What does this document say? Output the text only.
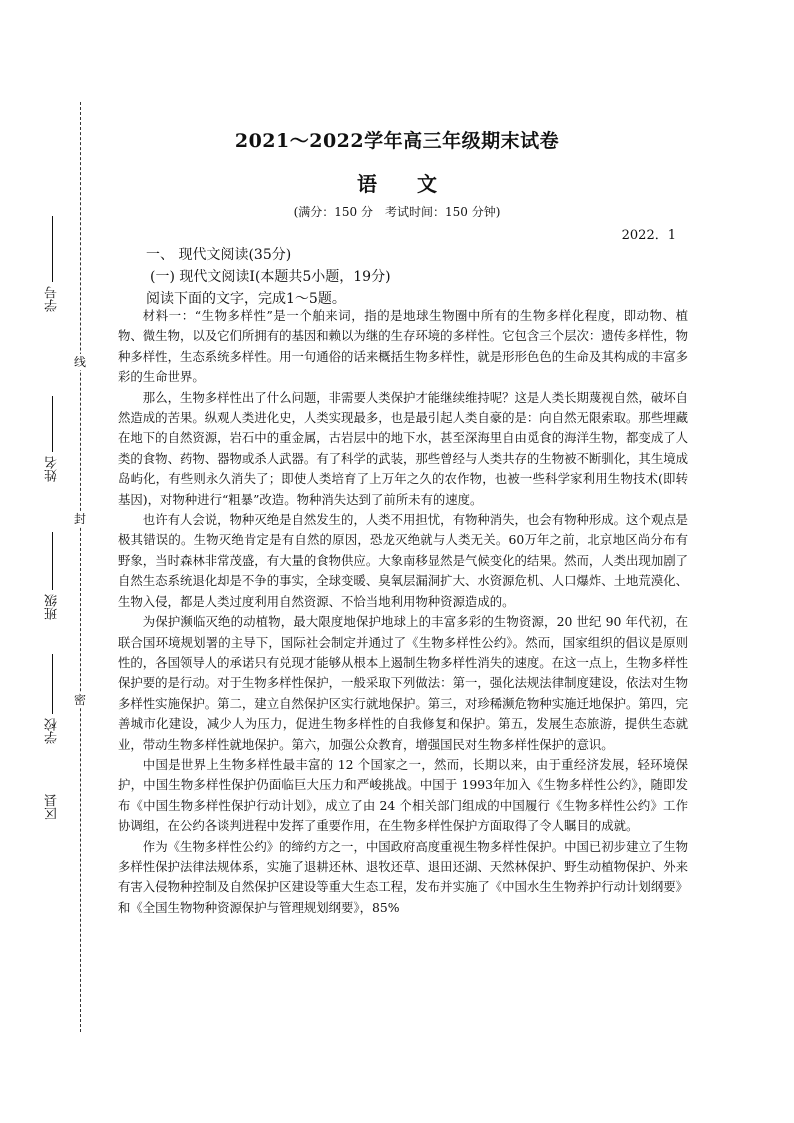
学号
姓名
班级
学校
区县
线
封
密
2021～2022学年高三年级期末试卷
语文
(满分：150 分　考试时间：150 分钟)
2022．1
一、 现代文阅读(35分)
(一) 现代文阅读Ⅰ(本题共5小题，19分)
阅读下面的文字，完成1～5题。

材料一：“生物多样性”是一个舶来词，指的是地球生物圈中所有的生物多样化程度，即动物、植物、微生物，以及它们所拥有的基因和赖以为继的生存环境的多样性。它包含三个层次：遗传多样性，物种多样性，生态系统多样性。用一句通俗的话来概括生物多样性，就是形形色色的生命及其构成的丰富多彩的生命世界。

那么，生物多样性出了什么问题，非需要人类保护才能继续维持呢？这是人类长期蔑视自然，破坏自然造成的苦果。纵观人类进化史，人类实现最多，也是最引起人类自豪的是：向自然无限索取。那些埋藏在地下的自然资源，岩石中的重金属，古岩层中的地下水，甚至深海里自由觅食的海洋生物，都变成了人类的食物、药物、器物或杀人武器。有了科学的武装，那些曾经与人类共存的生物被不断驯化，其生境成岛屿化，有些则永久消失了；即使人类培育了上万年之久的农作物，也被一些科学家利用生物技术(即转基因)，对物种进行“粗暴”改造。物种消失达到了前所未有的速度。

也许有人会说，物种灭绝是自然发生的，人类不用担忧，有物种消失，也会有物种形成。这个观点是极其错误的。生物灭绝肯定是有自然的原因，恐龙灭绝就与人类无关。60万年之前，北京地区尚分布有野象，当时森林非常茂盛，有大量的食物供应。大象南移显然是气候变化的结果。然而，人类出现加剧了自然生态系统退化却是不争的事实，全球变暖、臭氧层漏洞扩大、水资源危机、人口爆炸、土地荒漠化、生物入侵，都是人类过度利用自然资源、不恰当地利用物种资源造成的。

为保护濒临灭绝的动植物，最大限度地保护地球上的丰富多彩的生物资源，20 世纪 90 年代初，在联合国环境规划署的主导下，国际社会制定并通过了《生物多样性公约》。然而，国家组织的倡议是原则性的，各国领导人的承诺只有兑现才能够从根本上遏制生物多样性消失的速度。在这一点上，生物多样性保护要的是行动。对于生物多样性保护，一般采取下列做法：第一，强化法规法律制度建设，依法对生物多样性实施保护。第二，建立自然保护区实行就地保护。第三，对珍稀濒危物种实施迁地保护。第四，完善城市化建设，减少人为压力，促进生物多样性的自我修复和保护。第五，发展生态旅游，提供生态就业，带动生物多样性就地保护。第六，加强公众教育，增强国民对生物多样性保护的意识。

中国是世界上生物多样性最丰富的 12 个国家之一，然而，长期以来，由于重经济发展，轻环境保护，中国生物多样性保护仍面临巨大压力和严峻挑战。中国于 1993年加入《生物多样性公约》，随即发布《中国生物多样性保护行动计划》，成立了由 24 个相关部门组成的中国履行《生物多样性公约》工作协调组，在公约各谈判进程中发挥了重要作用，在生物多样性保护方面取得了令人瞩目的成就。

作为《生物多样性公约》的缔约方之一，中国政府高度重视生物多样性保护。中国已初步建立了生物多样性保护法律法规体系，实施了退耕还林、退牧还草、退田还湖、天然林保护、野生动植物保护、外来有害入侵物种控制及自然保护区建设等重大生态工程，发布并实施了《中国水生生物养护行动计划纲要》和《全国生物物种资源保护与管理规划纲要》，85%
